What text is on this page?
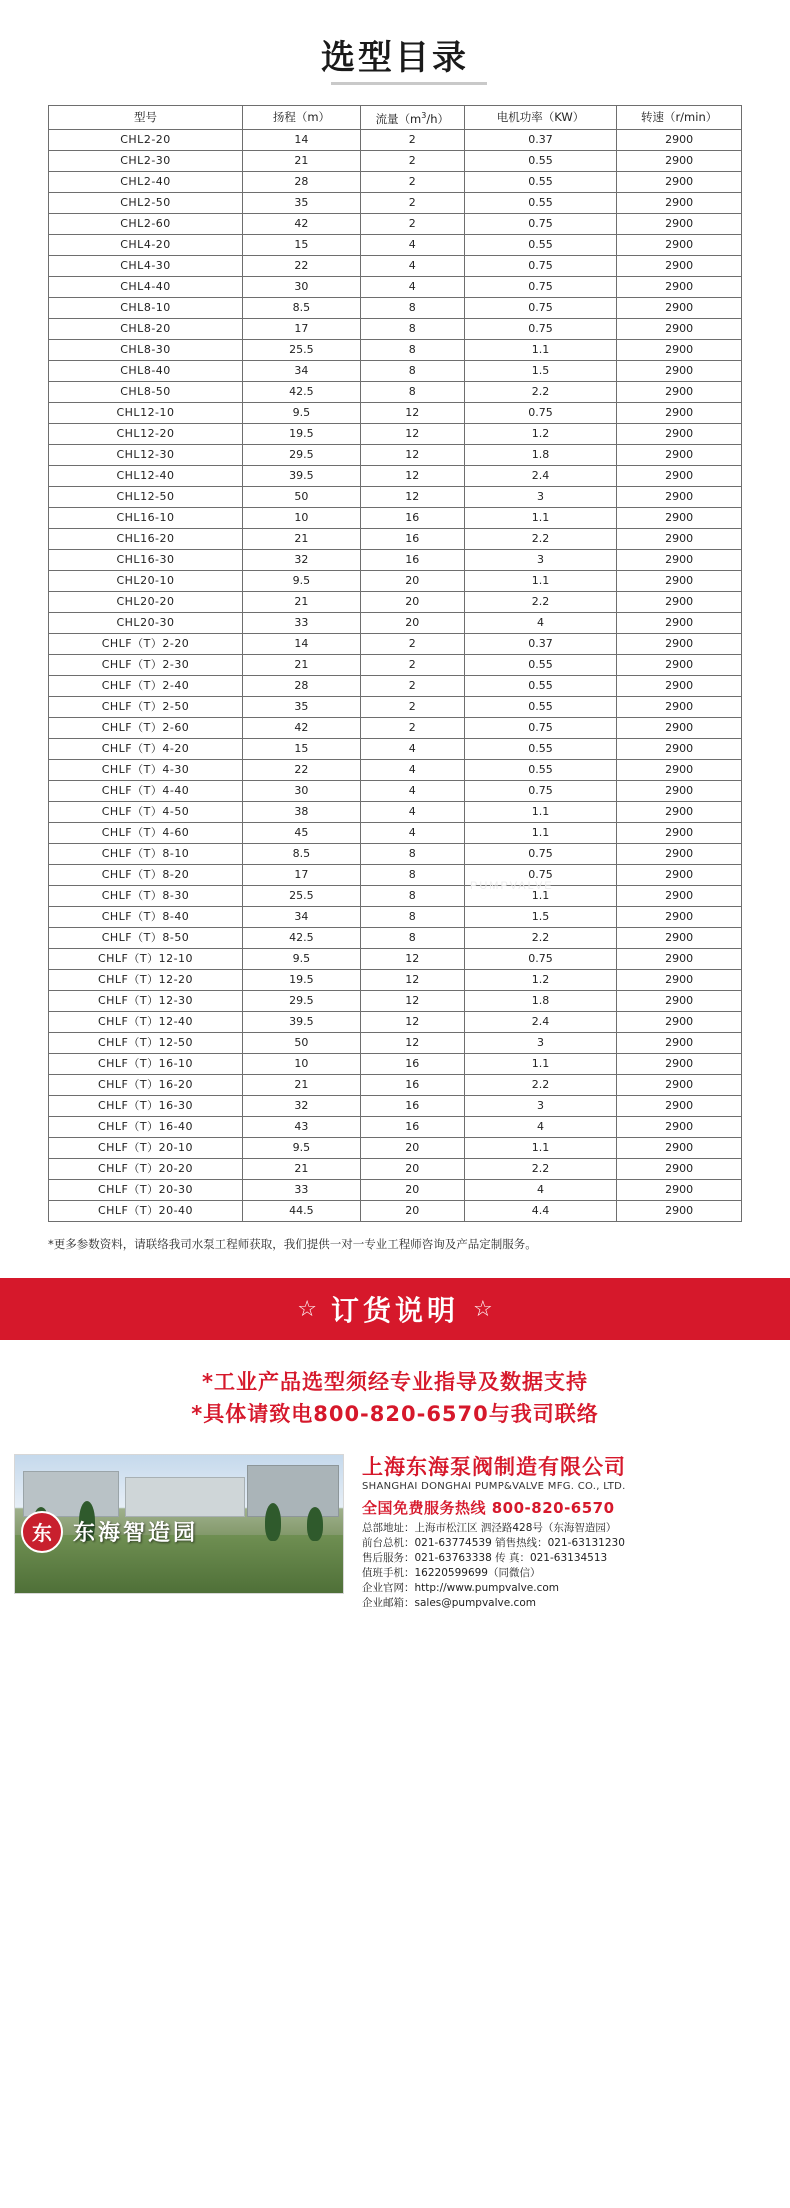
选型目录
型号	扬程（m）	流量$(m^3/h)$	电机功率（KW）	转速（r/min）
CHL2-20	14	2	0.37	2900
CHL2-30	21	2	0.55	2900
CHL2-40	28	2	0.55	2900
CHL2-50	35	2	0.55	2900
CHL2-60	42	2	0.75	2900
CHL4-20	15	4	0.55	2900
CHL4-30	22	4	0.75	2900
CHL4-40	30	4	0.75	2900
CHL8-10	8.5	8	0.75	2900
CHL8-20	17	8	0.75	2900
CHL8-30	25.5	8	1.1	2900
CHL8-40	34	8	1.5	2900
CHL8-50	42.5	8	2.2	2900
CHL12-10	9.5	12	0.75	2900
CHL12-20	19.5	12	1.2	2900
CHL12-30	29.5	12	1.8	2900
CHL12-40	39.5	12	2.4	2900
CHL12-50	50	12	3	2900
CHL16-10	10	16	1.1	2900
CHL16-20	21	16	2.2	2900
CHL16-30	32	16	3	2900
CHL20-10	9.5	20	1.1	2900
CHL20-20	21	20	2.2	2900
CHL20-30	33	20	4	2900
CHLF（T）2-20	14	2	0.37	2900
CHLF（T）2-30	21	2	0.55	2900
CHLF（T）2-40	28	2	0.55	2900
CHLF（T）2-50	35	2	0.55	2900
CHLF（T）2-60	42	2	0.75	2900
CHLF（T）4-20	15	4	0.55	2900
CHLF（T）4-30	22	4	0.55	2900
CHLF（T）4-40	30	4	0.75	2900
CHLF（T）4-50	38	4	1.1	2900
CHLF（T）4-60	45	4	1.1	2900
CHLF（T）8-10	8.5	8	0.75	2900
CHLF（T）8-20	17	8	0.75	2900
CHLF（T）8-30	25.5	8	1.1	2900
CHLF（T）8-40	34	8	1.5	2900
CHLF（T）8-50	42.5	8	2.2	2900
CHLF（T）12-10	9.5	12	0.75	2900
CHLF（T）12-20	19.5	12	1.2	2900
CHLF（T）12-30	29.5	12	1.8	2900
CHLF（T）12-40	39.5	12	2.4	2900
CHLF（T）12-50	50	12	3	2900
CHLF（T）16-10	10	16	1.1	2900
CHLF（T）16-20	21	16	2.2	2900
CHLF（T）16-30	32	16	3	2900
CHLF（T）16-40	43	16	4	2900
CHLF（T）20-10	9.5	20	1.1	2900
CHLF（T）20-20	21	20	2.2	2900
CHLF（T）20-30	33	20	4	2900
CHLF（T）20-40	44.5	20	4.4	2900
PUMPVALVE
*更多参数资料，请联络我司水泵工程师获取，我们提供一对一专业工程师咨询及产品定制服务。
☆ 订货说明 ☆
*工业产品选型须经专业指导及数据支持
*具体请致电800-820-6570与我司联络
东 东海智造园
上海东海泵阀制造有限公司
SHANGHAI DONGHAI PUMP&VALVE MFG. CO., LTD.
全国免费服务热线 800-820-6570
总部地址：上海市松江区 泗泾路428号（东海智造园）
前台总机：021-63774539 销售热线：021-63131230
售后服务：021-63763338 传 真：021-63134513
值班手机：16220599699（同微信）
企业官网：http://www.pumpvalve.com
企业邮箱：sales@pumpvalve.com
